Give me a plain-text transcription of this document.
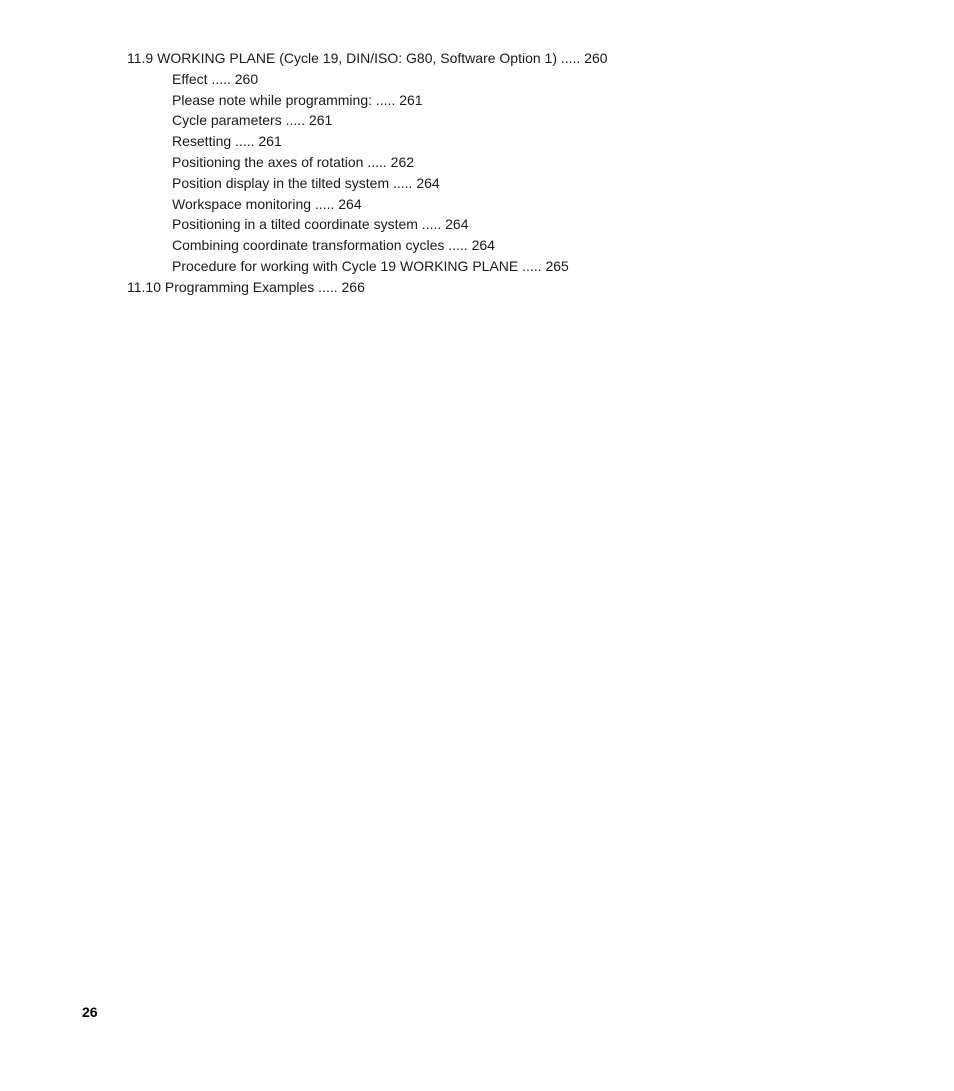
11.9 WORKING PLANE (Cycle 19, DIN/ISO: G80, Software Option 1) ..... 260
Effect ..... 260
Please note while programming: ..... 261
Cycle parameters ..... 261
Resetting ..... 261
Positioning the axes of rotation ..... 262
Position display in the tilted system ..... 264
Workspace monitoring ..... 264
Positioning in a tilted coordinate system ..... 264
Combining coordinate transformation cycles ..... 264
Procedure for working with Cycle 19 WORKING PLANE ..... 265
11.10 Programming Examples ..... 266
26
